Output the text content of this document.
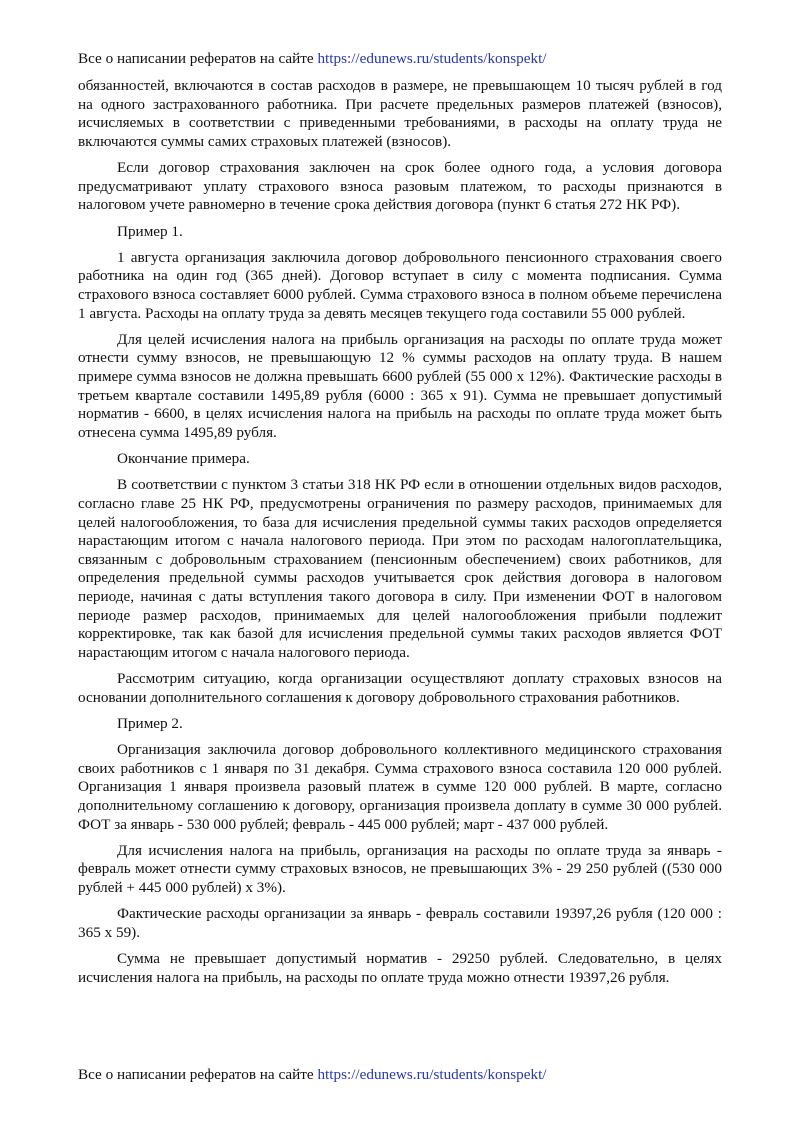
Все о написании рефератов на сайте https://edunews.ru/students/konspekt/

обязанностей, включаются в состав расходов в размере, не превышающем 10 тысяч рублей в год на одного застрахованного работника. При расчете предельных размеров платежей (взносов), исчисляемых в соответствии с приведенными требованиями, в расходы на оплату труда не включаются суммы самих страховых платежей (взносов).

Если договор страхования заключен на срок более одного года, а условия договора предусматривают уплату страхового взноса разовым платежом, то расходы признаются в налоговом учете равномерно в течение срока действия договора (пункт 6 статья 272 НК РФ).

Пример 1.

1 августа организация заключила договор добровольного пенсионного страхования своего работника на один год (365 дней). Договор вступает в силу с момента подписания. Сумма страхового взноса составляет 6000 рублей. Сумма страхового взноса в полном объеме перечислена 1 августа. Расходы на оплату труда за девять месяцев текущего года составили 55 000 рублей.

Для целей исчисления налога на прибыль организация на расходы по оплате труда может отнести сумму взносов, не превышающую 12 % суммы расходов на оплату труда. В нашем примере сумма взносов не должна превышать 6600 рублей (55 000 x 12%). Фактические расходы в третьем квартале составили 1495,89 рубля (6000 : 365 x 91). Сумма не превышает допустимый норматив - 6600, в целях исчисления налога на прибыль на расходы по оплате труда может быть отнесена сумма 1495,89 рубля.

Окончание примера.

В соответствии с пунктом 3 статьи 318 НК РФ если в отношении отдельных видов расходов, согласно главе 25 НК РФ, предусмотрены ограничения по размеру расходов, принимаемых для целей налогообложения, то база для исчисления предельной суммы таких расходов определяется нарастающим итогом с начала налогового периода. При этом по расходам налогоплательщика, связанным с добровольным страхованием (пенсионным обеспечением) своих работников, для определения предельной суммы расходов учитывается срок действия договора в налоговом периоде, начиная с даты вступления такого договора в силу. При изменении ФОТ в налоговом периоде размер расходов, принимаемых для целей налогообложения прибыли подлежит корректировке, так как базой для исчисления предельной суммы таких расходов является ФОТ нарастающим итогом с начала налогового периода.

Рассмотрим ситуацию, когда организации осуществляют доплату страховых взносов на основании дополнительного соглашения к договору добровольного страхования работников.

Пример 2.

Организация заключила договор добровольного коллективного медицинского страхования своих работников с 1 января по 31 декабря. Сумма страхового взноса составила 120 000 рублей. Организация 1 января произвела разовый платеж в сумме 120 000 рублей. В марте, согласно дополнительному соглашению к договору, организация произвела доплату в сумме 30 000 рублей. ФОТ за январь - 530 000 рублей; февраль - 445 000 рублей; март - 437 000 рублей.

Для исчисления налога на прибыль, организация на расходы по оплате труда за январь - февраль может отнести сумму страховых взносов, не превышающих 3% - 29 250 рублей ((530 000 рублей + 445 000 рублей) x 3%).

Фактические расходы организации за январь - февраль составили 19397,26 рубля (120 000 : 365 x 59).

Сумма не превышает допустимый норматив - 29250 рублей. Следовательно, в целях исчисления налога на прибыль, на расходы по оплате труда можно отнести 19397,26 рубля.

Все о написании рефератов на сайте https://edunews.ru/students/konspekt/
